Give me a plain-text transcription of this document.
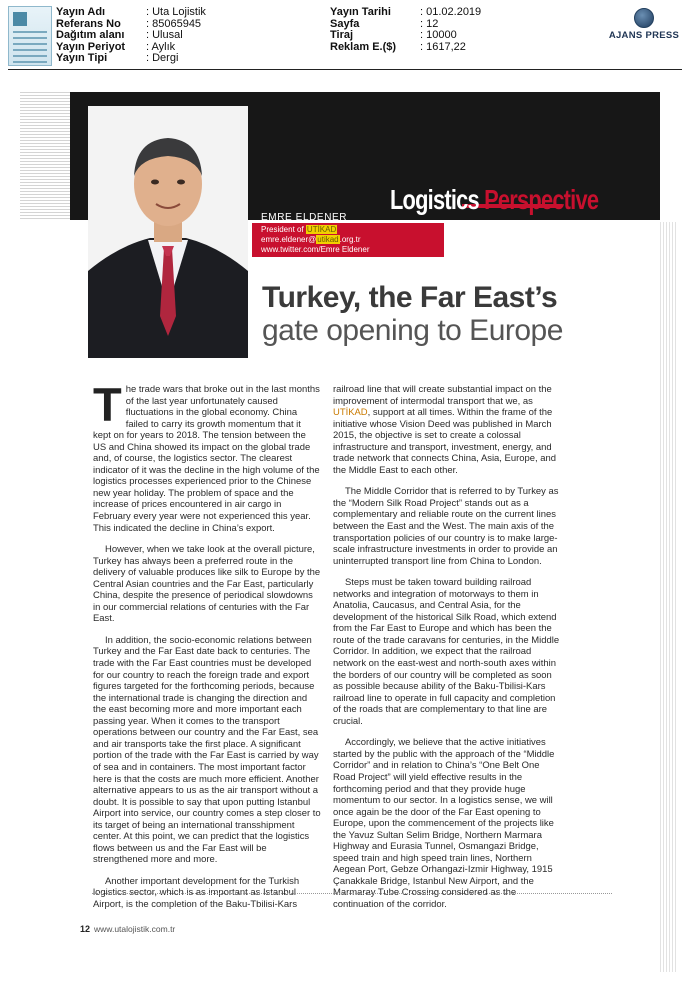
Yayın Adı	: Uta Lojistik
Referans No : 85065945
Dağıtım alanı : Ulusal
Yayın Periyot : Aylık
Yayın Tipi	: Dergi
Yayın Tarihi	: 01.02.2019
Sayfa	: 12
Tiraj	: 10000
Reklam E.($) : 1617,22
AJANS PRESS
EMRE ELDENER
President of UTİKAD
emre.eldener@utikad.org.tr
www.twitter.com/Emre Eldener
Logistics Perspective
Turkey, the Far East’s
gate opening to Europe

The trade wars that broke out in the last months of the last year unfortunately caused fluctuations in the global economy. China failed to carry its growth momentum that it kept on for years to 2018. The tension between the US and China showed its impact on the global trade and, of course, the logistics sector. The clearest indicator of it was the decline in the high volume of the logistics processes experienced prior to the Chinese new year holiday. The problem of space and the increase of prices encountered in air cargo in February every year were not experienced this year. This indicated the decline in China’s export.

However, when we take look at the overall picture, Turkey has always been a preferred route in the delivery of valuable produces like silk to Europe by the Central Asian countries and the Far East, particularly China, despite the presence of periodical slowdowns in our commercial relations of centuries with the Far East.

In addition, the socio-economic relations between Turkey and the Far East date back to centuries. The trade with the Far East countries must be developed for our country to reach the foreign trade and export figures targeted for the forthcoming periods, because the international trade is changing the direction and the east becoming more and more important each passing year. When it comes to the transport operations between our country and the Far East, sea and air transports take the first place. A significant portion of the trade with the Far East is carried by way of sea and in containers. The most important factor here is that the costs are much more efficient. Another alternative appears to us as the air transport without a doubt. It is possible to say that upon putting Istanbul Airport into service, our country comes a step closer to its target of being an international transshipment center. At this point, we can predict that the logistics flows between us and the Far East will be strengthened more and more.

Another important development for the Turkish logistics sector, which is as important as Istanbul Airport, is the completion of the Baku-Tbilisi-Kars

railroad line that will create substantial impact on the improvement of intermodal transport that we, as UTİKAD, support at all times. Within the frame of the initiative whose Vision Deed was published in March 2015, the objective is set to create a colossal infrastructure and transport, investment, energy, and trade network that connects China, Asia, Europe, and the Middle East to each other.

The Middle Corridor that is referred to by Turkey as the “Modern Silk Road Project” stands out as a complementary and reliable route on the current lines between the East and the West. The main axis of the transportation policies of our country is to make large-scale infrastructure investments in order to provide an uninterrupted transport line from China to London.

Steps must be taken toward building railroad networks and integration of motorways to them in Anatolia, Caucasus, and Central Asia, for the development of the historical Silk Road, which extend from the Far East to Europe and which has been the route of the trade caravans for centuries, in the Middle Corridor. In addition, we expect that the railroad network on the east-west and north-south axes within the borders of our country will be completed as soon as possible because ability of the Baku-Tbilisi-Kars railroad line to operate in full capacity and completion of the roads that are complementary to that line are crucial.

Accordingly, we believe that the active initiatives started by the public with the approach of the “Middle Corridor” and in relation to China’s “One Belt One Road Project” will yield effective results in the forthcoming period and that they provide huge momentum to our sector. In a logistics sense, we will once again be the door of the Far East opening to Europe, upon the commencement of the projects like the Yavuz Sultan Selim Bridge, Northern Marmara Highway and Eurasia Tunnel, Osmangazi Bridge, speed train and high speed train lines, Northern Aegean Port, Gebze Orhangazi-Izmir Highway, 1915 Çanakkale Bridge, Istanbul New Airport, and the Marmaray Tube Crossing considered as the continuation of the corridor.

12 www.utalojistik.com.tr
